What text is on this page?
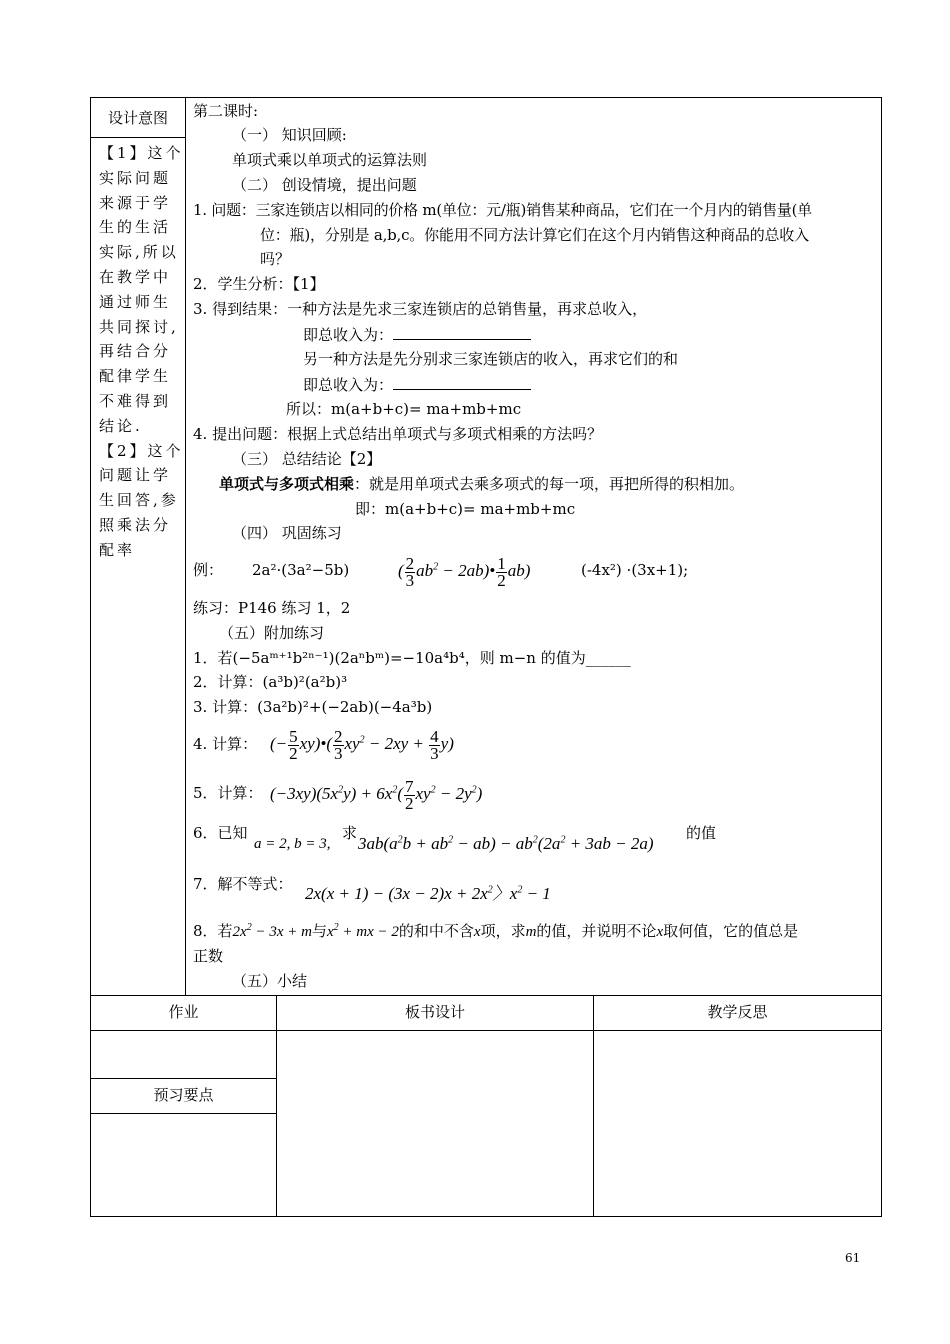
设计意图
【1】这个
实际问题
来源于学
生的生活
实际,所以
在教学中
通过师生
共同探讨,
再结合分
配律学生
不难得到
结论.
【2】这个
问题让学
生回答,参
照乘法分
配率
第二课时:
（一） 知识回顾:
单项式乘以单项式的运算法则
（二） 创设情境，提出问题
1. 问题：三家连锁店以相同的价格 m(单位：元/瓶)销售某种商品，它们在一个月内的销售量(单
位：瓶)，分别是 a,b,c。你能用不同方法计算它们在这个月内销售这种商品的总收入
吗？
2．学生分析：【1】
3. 得到结果：一种方法是先求三家连锁店的总销售量，再求总收入，
即总收入为：
另一种方法是先分别求三家连锁店的收入，再求它们的和
即总收入为：
所以：m(a+b+c)= ma+mb+mc
4. 提出问题：根据上式总结出单项式与多项式相乘的方法吗？
（三） 总结结论【2】
单项式与多项式相乘：就是用单项式去乘多项式的每一项，再把所得的积相加。
即：m(a+b+c)= ma+mb+mc
（四） 巩固练习
例： 2a²·(3a²−5b)	( $\frac{2}{3} ab^2$ − 2ab)• $\frac{1}{2} ab$)	(-4x²) ·(3x+1);
练习：P146 练习 1，2
（五）附加练习
1．若(−5aᵐ⁺¹b²ⁿ⁻¹)(2aⁿbᵐ)=−10a⁴b⁴，则 m−n 的值为______
2．计算：(a³b)²(a²b)³
3. 计算：(3a²b)²+(−2ab)(−4a³b)
4. 计算： (− $\frac{5}{2}$ xy)•( $\frac{2}{3} xy^2 - 2xy + \frac{4}{3} y$)
5．计算： $(-3xy)(5x^2y) + 6x^2( \frac{7}{2} xy^2 - 2y^2)$
6．已知
a = 2, b = 3,
求
$3ab(a^2b + ab^2 - ab) - ab^2(2a^2 + 3ab - 2a)$
的值
7．解不等式： $2x(x + 1) - (3x - 2)x + 2x^2$〉$x^2 - 1$
8．若$2x^2 - 3x + m$与$x^2$ + mx − 2的和中不含x项，求m的值，并说明不论x取何值，它的值总是
正数
（五）小结
作业	板书设计	教学反思
预习要点
61
